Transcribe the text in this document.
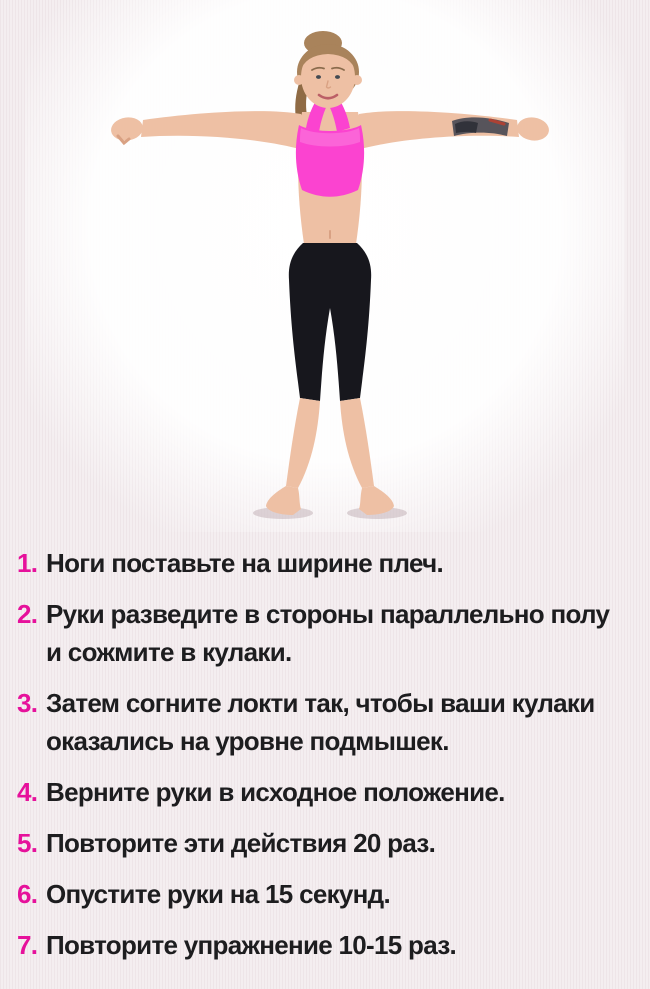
1. Ноги поставьте на ширине плеч.
2. Руки разведите в стороны параллельно полу и сожмите в кулаки.
3. Затем согните локти так, чтобы ваши кулаки оказались на уровне подмышек.
4. Верните руки в исходное положение.
5. Повторите эти действия 20 раз.
6. Опустите руки на 15 секунд.
7. Повторите упражнение 10-15 раз.
